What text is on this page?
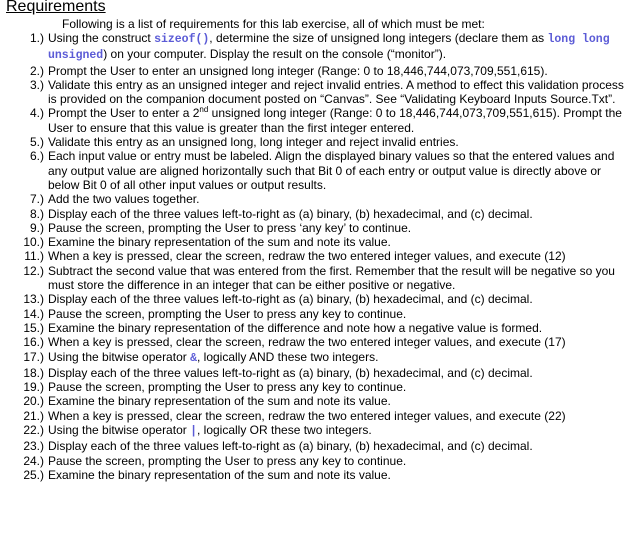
Requirements
Following is a list of requirements for this lab exercise, all of which must be met:
1.) Using the construct sizeof(), determine the size of unsigned long integers (declare them as long long unsigned) on your computer. Display the result on the console (“monitor”).
2.) Prompt the User to enter an unsigned long integer (Range: 0 to 18,446,744,073,709,551,615).
3.) Validate this entry as an unsigned integer and reject invalid entries. A method to effect this validation process is provided on the companion document posted on “Canvas”. See “Validating Keyboard Inputs Source.Txt”.
4.) Prompt the User to enter a 2nd unsigned long integer (Range: 0 to 18,446,744,073,709,551,615). Prompt the User to ensure that this value is greater than the first integer entered.
5.) Validate this entry as an unsigned long, long integer and reject invalid entries.
6.) Each input value or entry must be labeled. Align the displayed binary values so that the entered values and any output value are aligned horizontally such that Bit 0 of each entry or output value is directly above or below Bit 0 of all other input values or output results.
7.) Add the two values together.
8.) Display each of the three values left-to-right as (a) binary, (b) hexadecimal, and (c) decimal.
9.) Pause the screen, prompting the User to press ‘any key’ to continue.
10.) Examine the binary representation of the sum and note its value.
11.) When a key is pressed, clear the screen, redraw the two entered integer values, and execute (12)
12.) Subtract the second value that was entered from the first. Remember that the result will be negative so you must store the difference in an integer that can be either positive or negative.
13.) Display each of the three values left-to-right as (a) binary, (b) hexadecimal, and (c) decimal.
14.) Pause the screen, prompting the User to press any key to continue.
15.) Examine the binary representation of the difference and note how a negative value is formed.
16.) When a key is pressed, clear the screen, redraw the two entered integer values, and execute (17)
17.) Using the bitwise operator &, logically AND these two integers.
18.) Display each of the three values left-to-right as (a) binary, (b) hexadecimal, and (c) decimal.
19.) Pause the screen, prompting the User to press any key to continue.
20.) Examine the binary representation of the sum and note its value.
21.) When a key is pressed, clear the screen, redraw the two entered integer values, and execute (22)
22.) Using the bitwise operator |, logically OR these two integers.
23.) Display each of the three values left-to-right as (a) binary, (b) hexadecimal, and (c) decimal.
24.) Pause the screen, prompting the User to press any key to continue.
25.) Examine the binary representation of the sum and note its value.
